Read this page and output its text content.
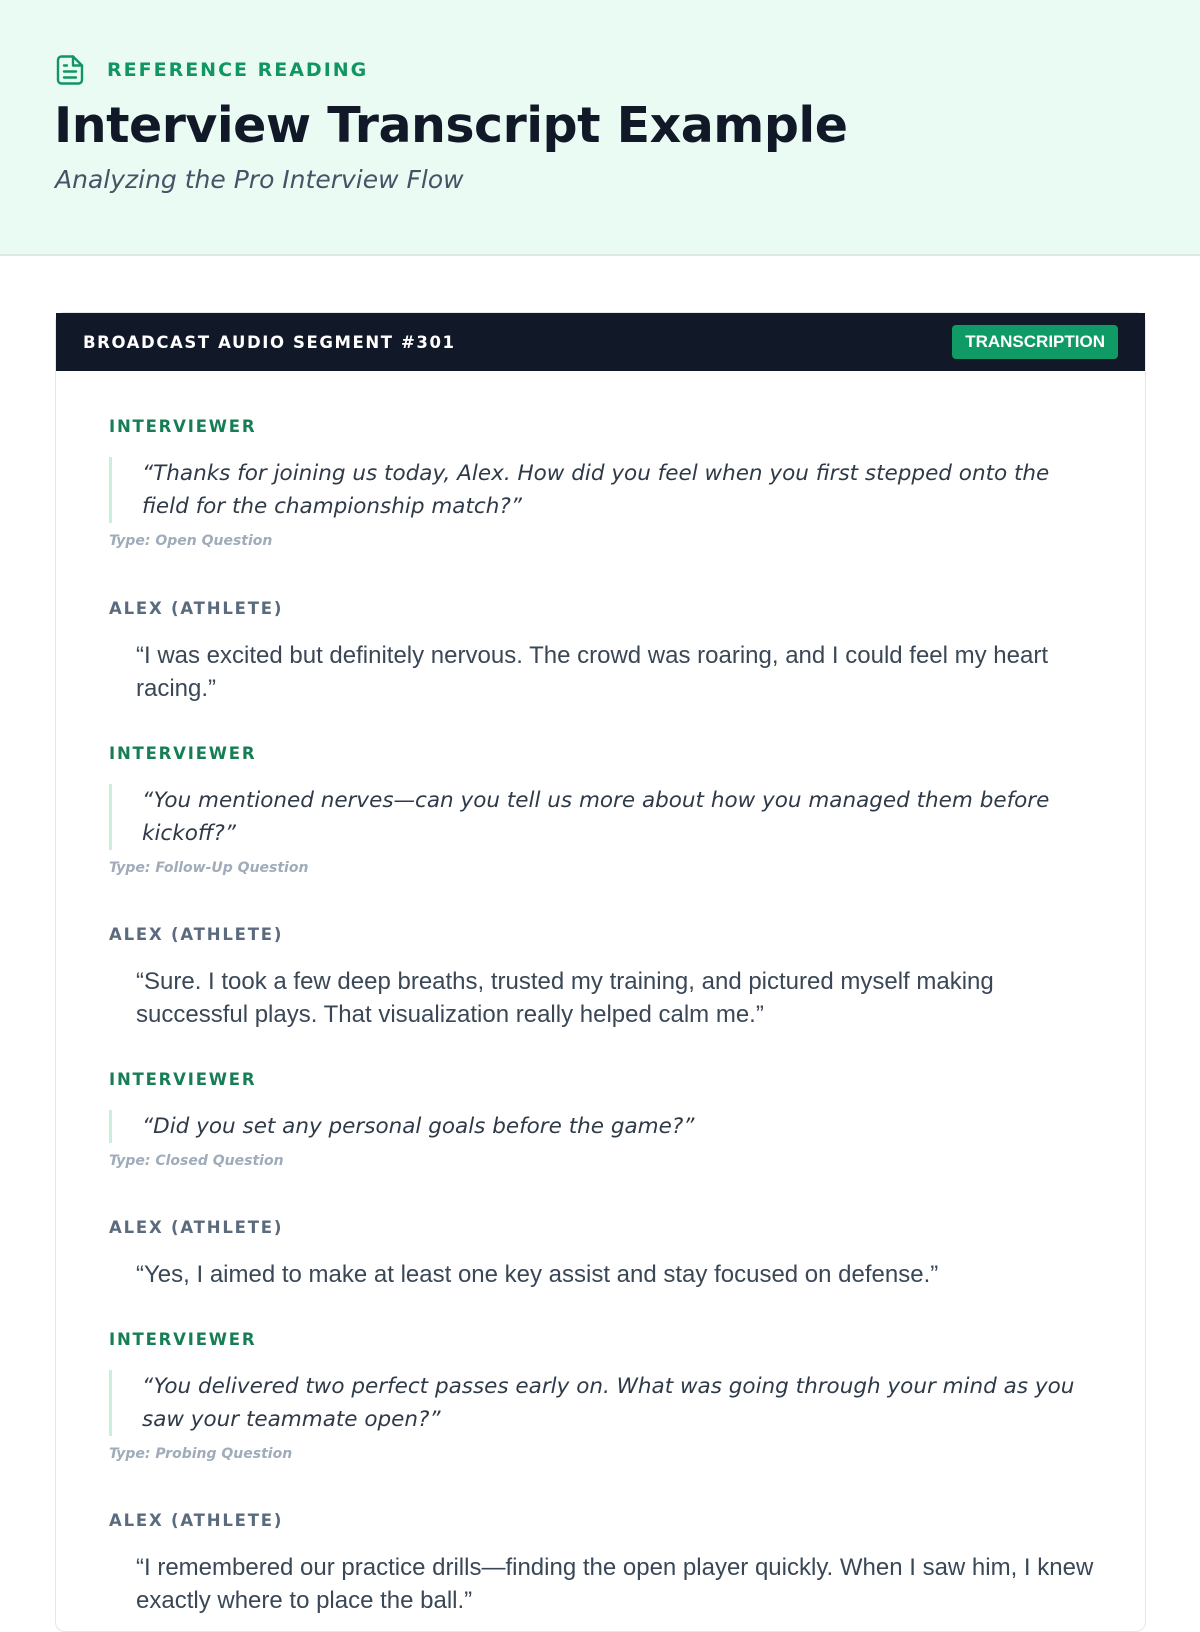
REFERENCE READING
Interview Transcript Example

Analyzing the Pro Interview Flow

BROADCAST AUDIO SEGMENT #301	TRANSCRIPTION
INTERVIEWER
“Thanks for joining us today, Alex. How did you feel when you first stepped onto the field for the championship match?”
Type: Open Question
ALEX (ATHLETE)
“I was excited but definitely nervous. The crowd was roaring, and I could feel my heart racing.”
INTERVIEWER
“You mentioned nerves—can you tell us more about how you managed them before kickoff?”
Type: Follow-Up Question
ALEX (ATHLETE)
“Sure. I took a few deep breaths, trusted my training, and pictured myself making successful plays. That visualization really helped calm me.”
INTERVIEWER
“Did you set any personal goals before the game?”
Type: Closed Question
ALEX (ATHLETE)
“Yes, I aimed to make at least one key assist and stay focused on defense.”
INTERVIEWER
“You delivered two perfect passes early on. What was going through your mind as you saw your teammate open?”
Type: Probing Question
ALEX (ATHLETE)
“I remembered our practice drills—finding the open player quickly. When I saw him, I knew exactly where to place the ball.”
